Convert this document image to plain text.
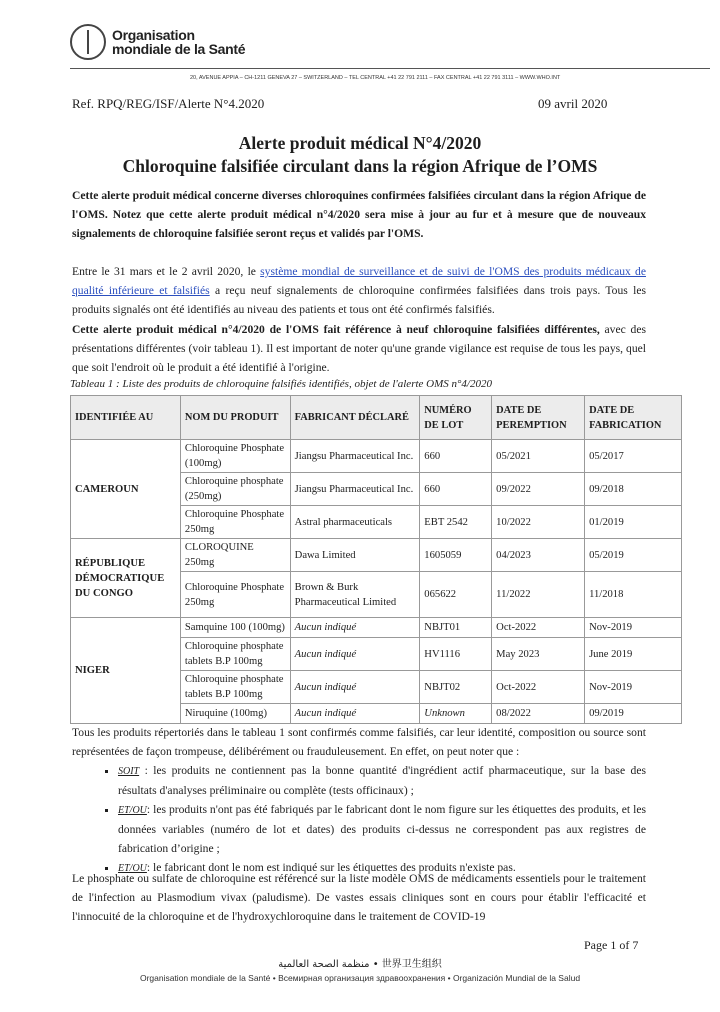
Organisation
mondiale de la Santé
20, AVENUE APPIA – CH-1211 GENEVA 27 – SWITZERLAND – TEL CENTRAL +41 22 791 2111 – FAX CENTRAL +41 22 791 3111 – WWW.WHO.INT
Ref. RPQ/REG/ISF/Alerte N°4.2020	09 avril 2020
Alerte produit médical N°4/2020
Chloroquine falsifiée circulant dans la région Afrique de l’OMS
Cette alerte produit médical concerne diverses chloroquines confirmées falsifiées circulant dans la région Afrique de l'OMS. Notez que cette alerte produit médical n°4/2020 sera mise à jour au fur et à mesure que de nouveaux signalements de chloroquine falsifiée seront reçus et validés par l'OMS.
Entre le 31 mars et le 2 avril 2020, le système mondial de surveillance et de suivi de l'OMS des produits médicaux de qualité inférieure et falsifiés a reçu neuf signalements de chloroquine confirmées falsifiées dans trois pays. Tous les produits signalés ont été identifiés au niveau des patients et tous ont été confirmés falsifiés.
Cette alerte produit médical n°4/2020 de l'OMS fait référence à neuf chloroquine falsifiées différentes, avec des présentations différentes (voir tableau 1). Il est important de noter qu'une grande vigilance est requise de tous les pays, quel que soit l'endroit où le produit a été identifié à l'origine.
Tableau 1 : Liste des produits de chloroquine falsifiés identifiés, objet de l'alerte OMS n°4/2020
IDENTIFIÉE AU	NOM DU PRODUIT	FABRICANT DÉCLARÉ	NUMÉRO DE LOT	DATE DE PEREMPTION	DATE DE FABRICATION
CAMEROUN	Chloroquine Phosphate (100mg)	Jiangsu Pharmaceutical Inc.	660	05/2021	05/2017
	Chloroquine phosphate (250mg)	Jiangsu Pharmaceutical Inc.	660	09/2022	09/2018
	Chloroquine Phosphate 250mg	Astral pharmaceuticals	EBT 2542	10/2022	01/2019
RÉPUBLIQUE DÉMOCRATIQUE DU CONGO	CLOROQUINE 250mg	Dawa Limited	1605059	04/2023	05/2019
	Chloroquine Phosphate 250mg	Brown & Burk Pharmaceutical Limited	065622	11/2022	11/2018
NIGER	Samquine 100 (100mg)	Aucun indiqué	NBJT01	Oct-2022	Nov-2019
	Chloroquine phosphate tablets B.P 100mg	Aucun indiqué	HV1116	May 2023	June 2019
	Chloroquine phosphate tablets B.P 100mg	Aucun indiqué	NBJT02	Oct-2022	Nov-2019
	Niruquine (100mg)	Aucun indiqué	Unknown	08/2022	09/2019
Tous les produits répertoriés dans le tableau 1 sont confirmés comme falsifiés, car leur identité, composition ou source sont représentées de façon trompeuse, délibérément ou frauduleusement. En effet, on peut noter que :
▪ SOIT : les produits ne contiennent pas la bonne quantité d'ingrédient actif pharmaceutique, sur la base des résultats d'analyses préliminaire ou complète (tests officinaux) ;
▪ ET/OU: les produits n'ont pas été fabriqués par le fabricant dont le nom figure sur les étiquettes des produits, et les données variables (numéro de lot et dates) des produits ci-dessus ne correspondent pas aux registres de fabrication d’origine ;
▪ ET/OU: le fabricant dont le nom est indiqué sur les étiquettes des produits n'existe pas.
Le phosphate ou sulfate de chloroquine est référencé sur la liste modèle OMS de médicaments essentiels pour le traitement de l'infection au Plasmodium vivax (paludisme). De vastes essais cliniques sont en cours pour établir l'efficacité et l'innocuité de la chloroquine et de l'hydroxychloroquine dans le traitement de COVID-19
Page 1 of 7
منظمة الصحة العالمية • 世界卫生组织
Organisation mondiale de la Santé • Всемирная организация здравоохранения • Organización Mundial de la Salud
